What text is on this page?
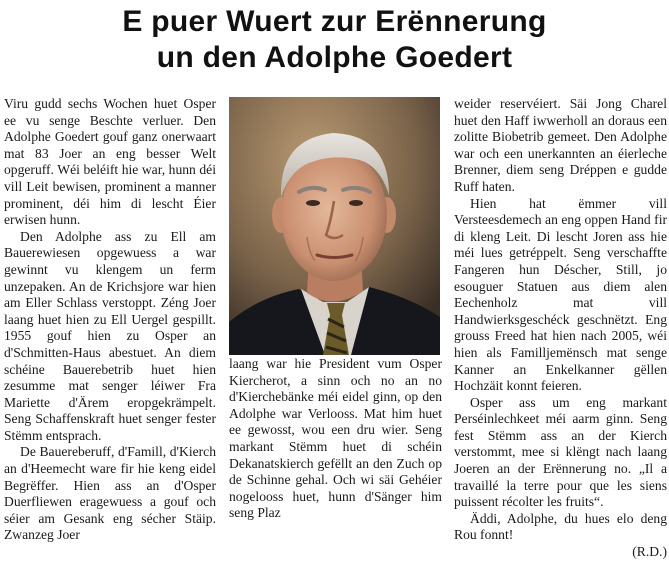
E puer Wuert zur Erënnerung
un den Adolphe Goedert

Viru gudd sechs Wochen huet Osper ee vu senge Beschte verluer. Den Adolphe Goedert gouf ganz onerwaart mat 83 Joer an eng besser Welt opgeruff. Wéi beléift hie war, hunn déi vill Leit bewisen, prominent a manner prominent, déi him di lescht Éier erwisen hunn.

Den Adolphe ass zu Ell am Bauerewiesen opgewuess a war gewinnt vu klengem un ferm unzepaken. An de Krichsjore war hien am Eller Schlass verstoppt. Zéng Joer laang huet hien zu Ell Uergel gespillt. 1955 gouf hien zu Osper an d'Schmitten-Haus abestuet. An diem schéine Bauerebetrib huet hien zesumme mat senger léiwer Fra Mariette d'Ärem eropgekrämpelt. Seng Schaffenskraft huet senger fester Stëmm entsprach.

De Bauereberuff, d'Famill, d'Kierch an d'Heemecht ware fir hie keng eidel Begrëffer. Hien ass an d'Osper Duerfliewen eragewuess a gouf och séier am Gesank eng sécher Stäip. Zwanzeg Joer

laang war hie President vum Osper Kiercherot, a sinn och no an no d'Kierchebänke méi eidel ginn, op den Adolphe war Verlooss. Mat him huet ee gewosst, wou een dru wier. Seng markant Stëmm huet di schéin Dekanatskierch gefëllt an den Zuch op de Schinne gehal. Och wi säi Gehéier nogelooss huet, hunn d'Sänger him seng Plaz

weider reservéiert. Säi Jong Charel huet den Haff iwwerholl an doraus een zolitte Biobetrib gemeet. Den Adolphe war och een unerkannten an éierleche Brenner, diem seng Dréppen e gudde Ruff haten.

Hien hat ëmmer vill Versteesdemech an eng oppen Hand fir di kleng Leit. Di lescht Joren ass hie méi lues getréppelt. Seng verschaffte Fangeren hun Déscher, Still, jo esouguer Statuen aus diem alen Eechenholz mat vill Handwierksgeschéck geschnëtzt. Eng grouss Freed hat hien nach 2005, wéi hien als Familljemënsch mat senge Kanner an Enkelkanner gëllen Hochzäit konnt feieren.

Osper ass um eng markant Perséinlechkeet méi aarm ginn. Seng fest Stëmm ass an der Kierch verstommt, mee si klëngt nach laang Joeren an der Erënnerung no. „Il a travaillé la terre pour que les siens puissent récolter les fruits“.

Äddi, Adolphe, du hues elo deng Rou fonnt!

(R.D.)
